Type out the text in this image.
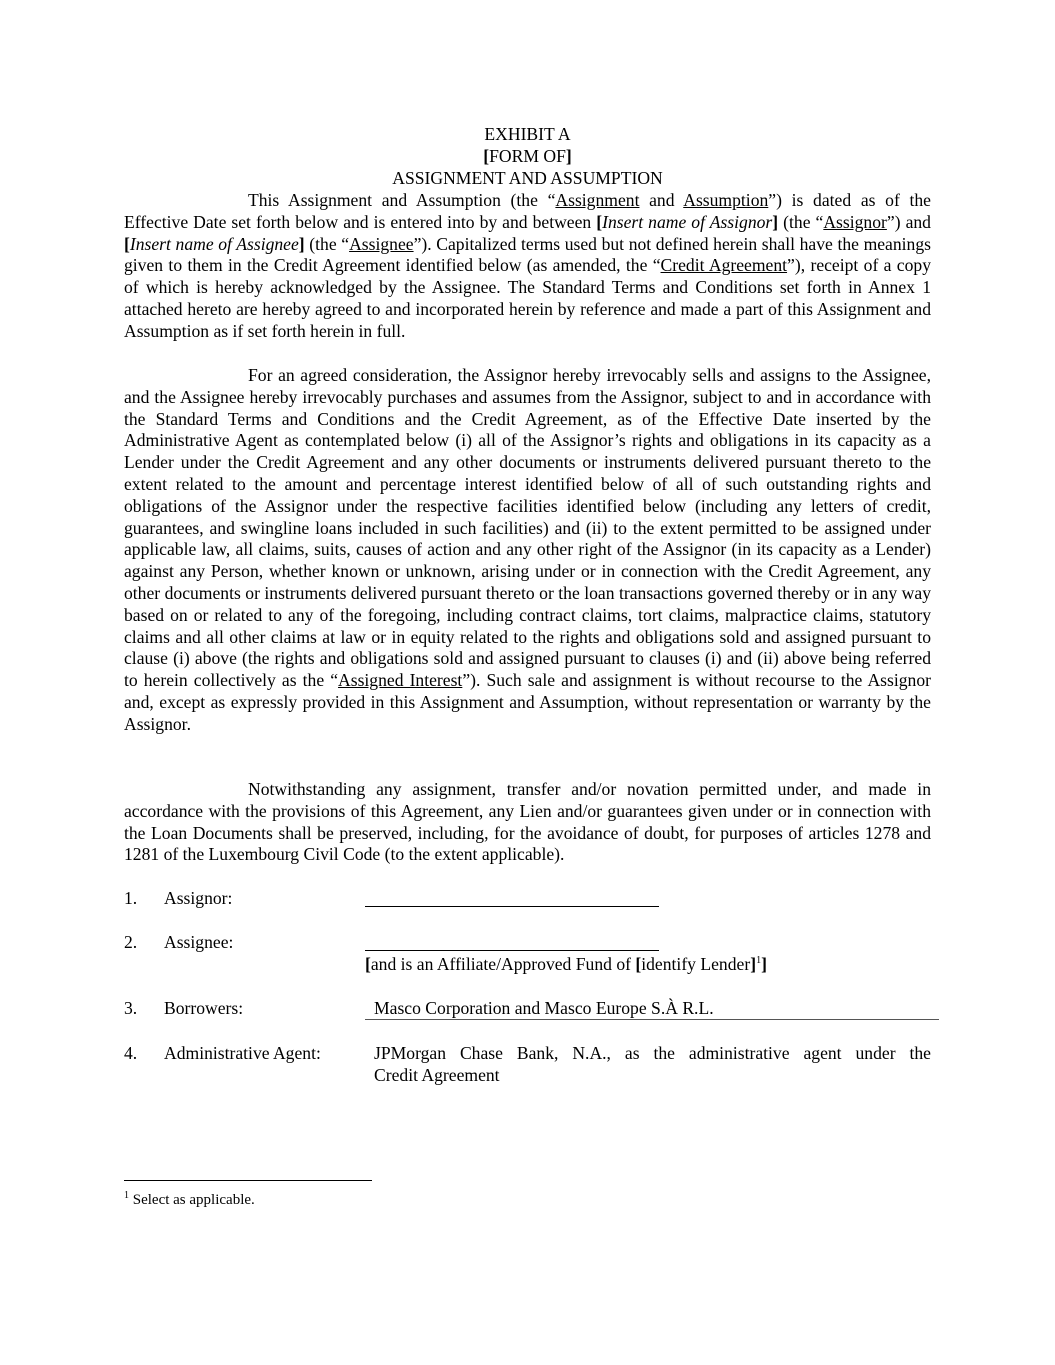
EXHIBIT A
[FORM OF]
ASSIGNMENT AND ASSUMPTION
This Assignment and Assumption (the “Assignment and Assumption”) is dated as of the Effective Date set forth below and is entered into by and between [Insert name of Assignor] (the “Assignor”) and [Insert name of Assignee] (the “Assignee”). Capitalized terms used but not defined herein shall have the meanings given to them in the Credit Agreement identified below (as amended, the “Credit Agreement”), receipt of a copy of which is hereby acknowledged by the Assignee. The Standard Terms and Conditions set forth in Annex 1 attached hereto are hereby agreed to and incorporated herein by reference and made a part of this Assignment and Assumption as if set forth herein in full.
For an agreed consideration, the Assignor hereby irrevocably sells and assigns to the Assignee, and the Assignee hereby irrevocably purchases and assumes from the Assignor, subject to and in accordance with the Standard Terms and Conditions and the Credit Agreement, as of the Effective Date inserted by the Administrative Agent as contemplated below (i) all of the Assignor’s rights and obligations in its capacity as a Lender under the Credit Agreement and any other documents or instruments delivered pursuant thereto to the extent related to the amount and percentage interest identified below of all of such outstanding rights and obligations of the Assignor under the respective facilities identified below (including any letters of credit, guarantees, and swingline loans included in such facilities) and (ii) to the extent permitted to be assigned under applicable law, all claims, suits, causes of action and any other right of the Assignor (in its capacity as a Lender) against any Person, whether known or unknown, arising under or in connection with the Credit Agreement, any other documents or instruments delivered pursuant thereto or the loan transactions governed thereby or in any way based on or related to any of the foregoing, including contract claims, tort claims, malpractice claims, statutory claims and all other claims at law or in equity related to the rights and obligations sold and assigned pursuant to clause (i) above (the rights and obligations sold and assigned pursuant to clauses (i) and (ii) above being referred to herein collectively as the “Assigned Interest”). Such sale and assignment is without recourse to the Assignor and, except as expressly provided in this Assignment and Assumption, without representation or warranty by the Assignor.
Notwithstanding any assignment, transfer and/or novation permitted under, and made in accordance with the provisions of this Agreement, any Lien and/or guarantees given under or in connection with the Loan Documents shall be preserved, including, for the avoidance of doubt, for purposes of articles 1278 and 1281 of the Luxembourg Civil Code (to the extent applicable).
1. Assignor:
2. Assignee:
[and is an Affiliate/Approved Fund of [identify Lender]$^1$]
3. Borrowers:	Masco Corporation and Masco Europe S.À R.L.
4. Administrative Agent:	JPMorgan Chase Bank, N.A., as the administrative agent under the
Credit Agreement
$^1$ Select as applicable.
